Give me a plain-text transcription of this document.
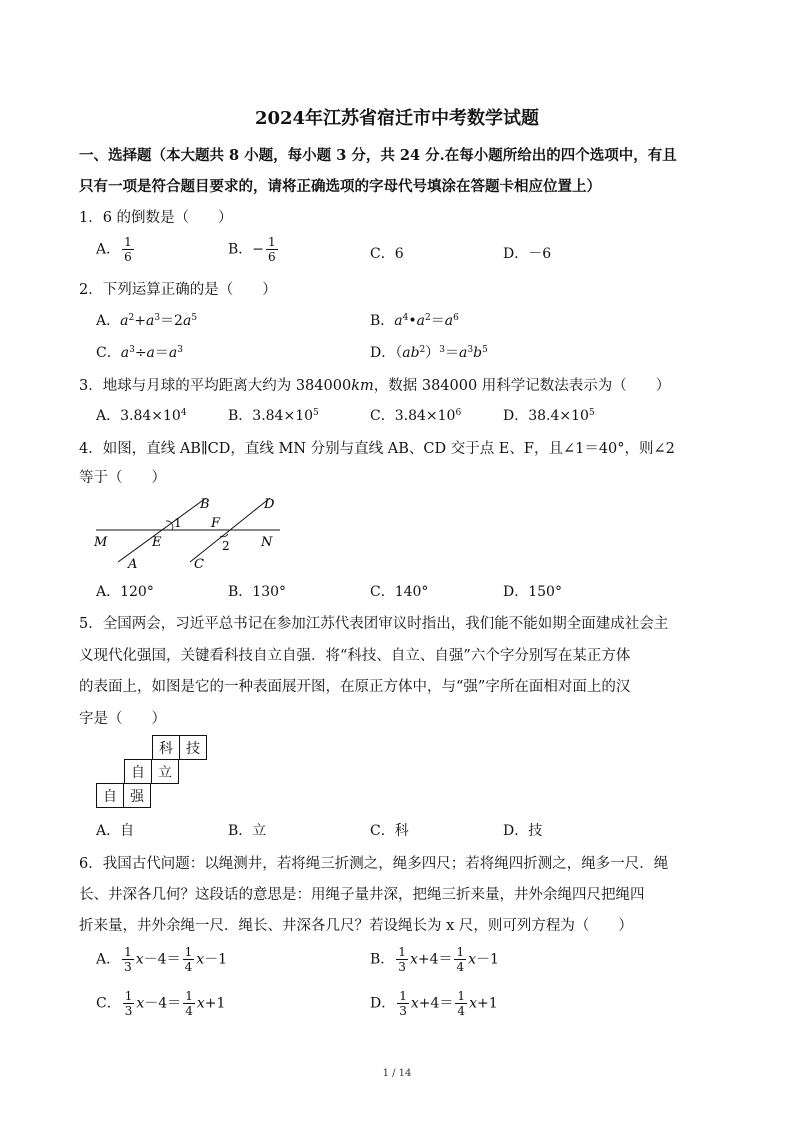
2024年江苏省宿迁市中考数学试题
一、选择题（本大题共 8 小题，每小题 3 分，共 24 分.在每小题所给出的四个选项中，有且
只有一项是符合题目要求的，请将正确选项的字母代号填涂在答题卡相应位置上）
1．6 的倒数是（　　）
A． $\frac{1}{6}$	B．− $\frac{1}{6}$	C．6	D．－6
2．下列运算正确的是（　　）
A．$a^2+a^3=2a^5$	B．$a^4•a^2=a^6$
C．$a^3\div a=a^3$	D．$(ab^2)^3=a^3b^5$
3．地球与月球的平均距离大约为 384000km，数据 384000 用科学记数法表示为（　　）
A．$3.84\times 10^4$	B．$3.84\times 10^5$	C．$3.84\times 10^6$	D．$38.4\times 10^5$
4．如图，直线 AB∥CD，直线 MN 分别与直线 AB、CD 交于点 E、F，且∠1＝40°，则∠2
等于（　　）
B	D
1 F
M	E	2 N
A	C
A．120°	B．130°	C．140°	D．150°
5．全国两会，习近平总书记在参加江苏代表团审议时指出，我们能不能如期全面建成社会主
义现代化强国，关键看科技自立自强．将“科技、自立、自强”六个字分别写在某正方体
的表面上，如图是它的一种表面展开图，在原正方体中，与“强”字所在面相对面上的汉
字是（　　）
科 技
自 立
自 强
A．自	B．立	C．科	D．技
6．我国古代问题：以绳测井，若将绳三折测之，绳多四尺；若将绳四折测之，绳多一尺．绳
长、井深各几何？这段话的意思是：用绳子量井深，把绳三折来量，井外余绳四尺把绳四
折来量，井外余绳一尺．绳长、井深各几尺？若设绳长为 x 尺，则可列方程为（　　）
A． $\frac{1}{3} x-4= \frac{1}{4} x-1$	B． $\frac{1}{3} x+4= \frac{1}{4} x-1$
C． $\frac{1}{3} x-4= \frac{1}{4} x+1$	D． $\frac{1}{3} x+4= \frac{1}{4} x+1$
1 / 14
